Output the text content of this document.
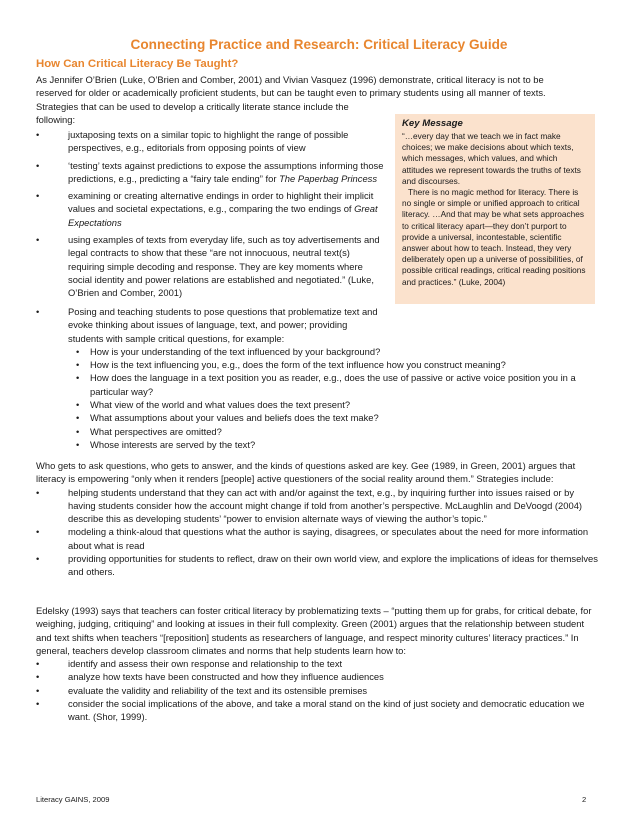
Connecting Practice and Research: Critical Literacy Guide
How Can Critical Literacy Be Taught?

As Jennifer O’Brien (Luke, O’Brien and Comber, 2001) and Vivian Vasquez (1996) demonstrate, critical literacy is not to be

reserved for older or academically proficient students, but can be taught even to primary students using all manner of texts.

Strategies that can be used to develop a critically literate stance include the

following:

• juxtaposing texts on a similar topic to highlight the range of possible perspectives, e.g., editorials from opposing points of view
• ‘testing’ texts against predictions to expose the assumptions informing those predictions, e.g., predicting a “fairy tale ending” for The Paperbag Princess
• examining or creating alternative endings in order to highlight their implicit values and societal expectations, e.g., comparing the two endings of Great Expectations
• using examples of texts from everyday life, such as toy advertisements and legal contracts to show that these “are not innocuous, neutral text(s) requiring simple decoding and response. They are key moments where social identity and power relations are established and negotiated.” (Luke, O’Brien and Comber, 2001)
• Posing and teaching students to pose questions that problematize text and evoke thinking about issues of language, text, and power; providing students with sample critical questions, for example:
• How is your understanding of the text influenced by your background?
• How is the text influencing you, e.g., does the form of the text influence how you construct meaning?
• How does the language in a text position you as reader, e.g., does the use of passive or active voice position you in a particular way?
• What view of the world and what values does the text present?
• What assumptions about your values and beliefs does the text make?
• What perspectives are omitted?
• Whose interests are served by the text?
Key Message

“…every day that we teach we in fact make choices; we make decisions about which texts, which messages, which values, and which attitudes we represent towards the truths of texts and discourses.

There is no magic method for literacy. There is no single or simple or unified approach to critical literacy. …And that may be what sets approaches to critical literacy apart—they don’t purport to provide a universal, incontestable, scientific answer about how to teach. Instead, they very deliberately open up a universe of possibilities, of possible critical readings, critical reading positions and practices.” (Luke, 2004)

Who gets to ask questions, who gets to answer, and the kinds of questions asked are key. Gee (1989, in Green, 2001) argues that literacy is empowering “only when it renders [people] active questioners of the social reality around them.” Strategies include:

• helping students understand that they can act with and/or against the text, e.g., by inquiring further into issues raised or by having students consider how the account might change if told from another’s perspective. McLaughlin and DeVoogd (2004) describe this as developing students’ “power to envision alternate ways of viewing the author’s topic.”
• modeling a think-aloud that questions what the author is saying, disagrees, or speculates about the need for more information about what is read
• providing opportunities for students to reflect, draw on their own world view, and explore the implications of ideas for themselves and others.

Edelsky (1993) says that teachers can foster critical literacy by problematizing texts – “putting them up for grabs, for critical debate, for weighing, judging, critiquing” and looking at issues in their full complexity. Green (2001) argues that the relationship between student and text shifts when teachers “[reposition] students as researchers of language, and respect minority cultures’ literacy practices.” In general, teachers develop classroom climates and norms that help students learn how to:

• identify and assess their own response and relationship to the text
• analyze how texts have been constructed and how they influence audiences
• evaluate the validity and reliability of the text and its ostensible premises
• consider the social implications of the above, and take a moral stand on the kind of just society and democratic education we want. (Shor, 1999).
Literacy GAINS, 2009	2
